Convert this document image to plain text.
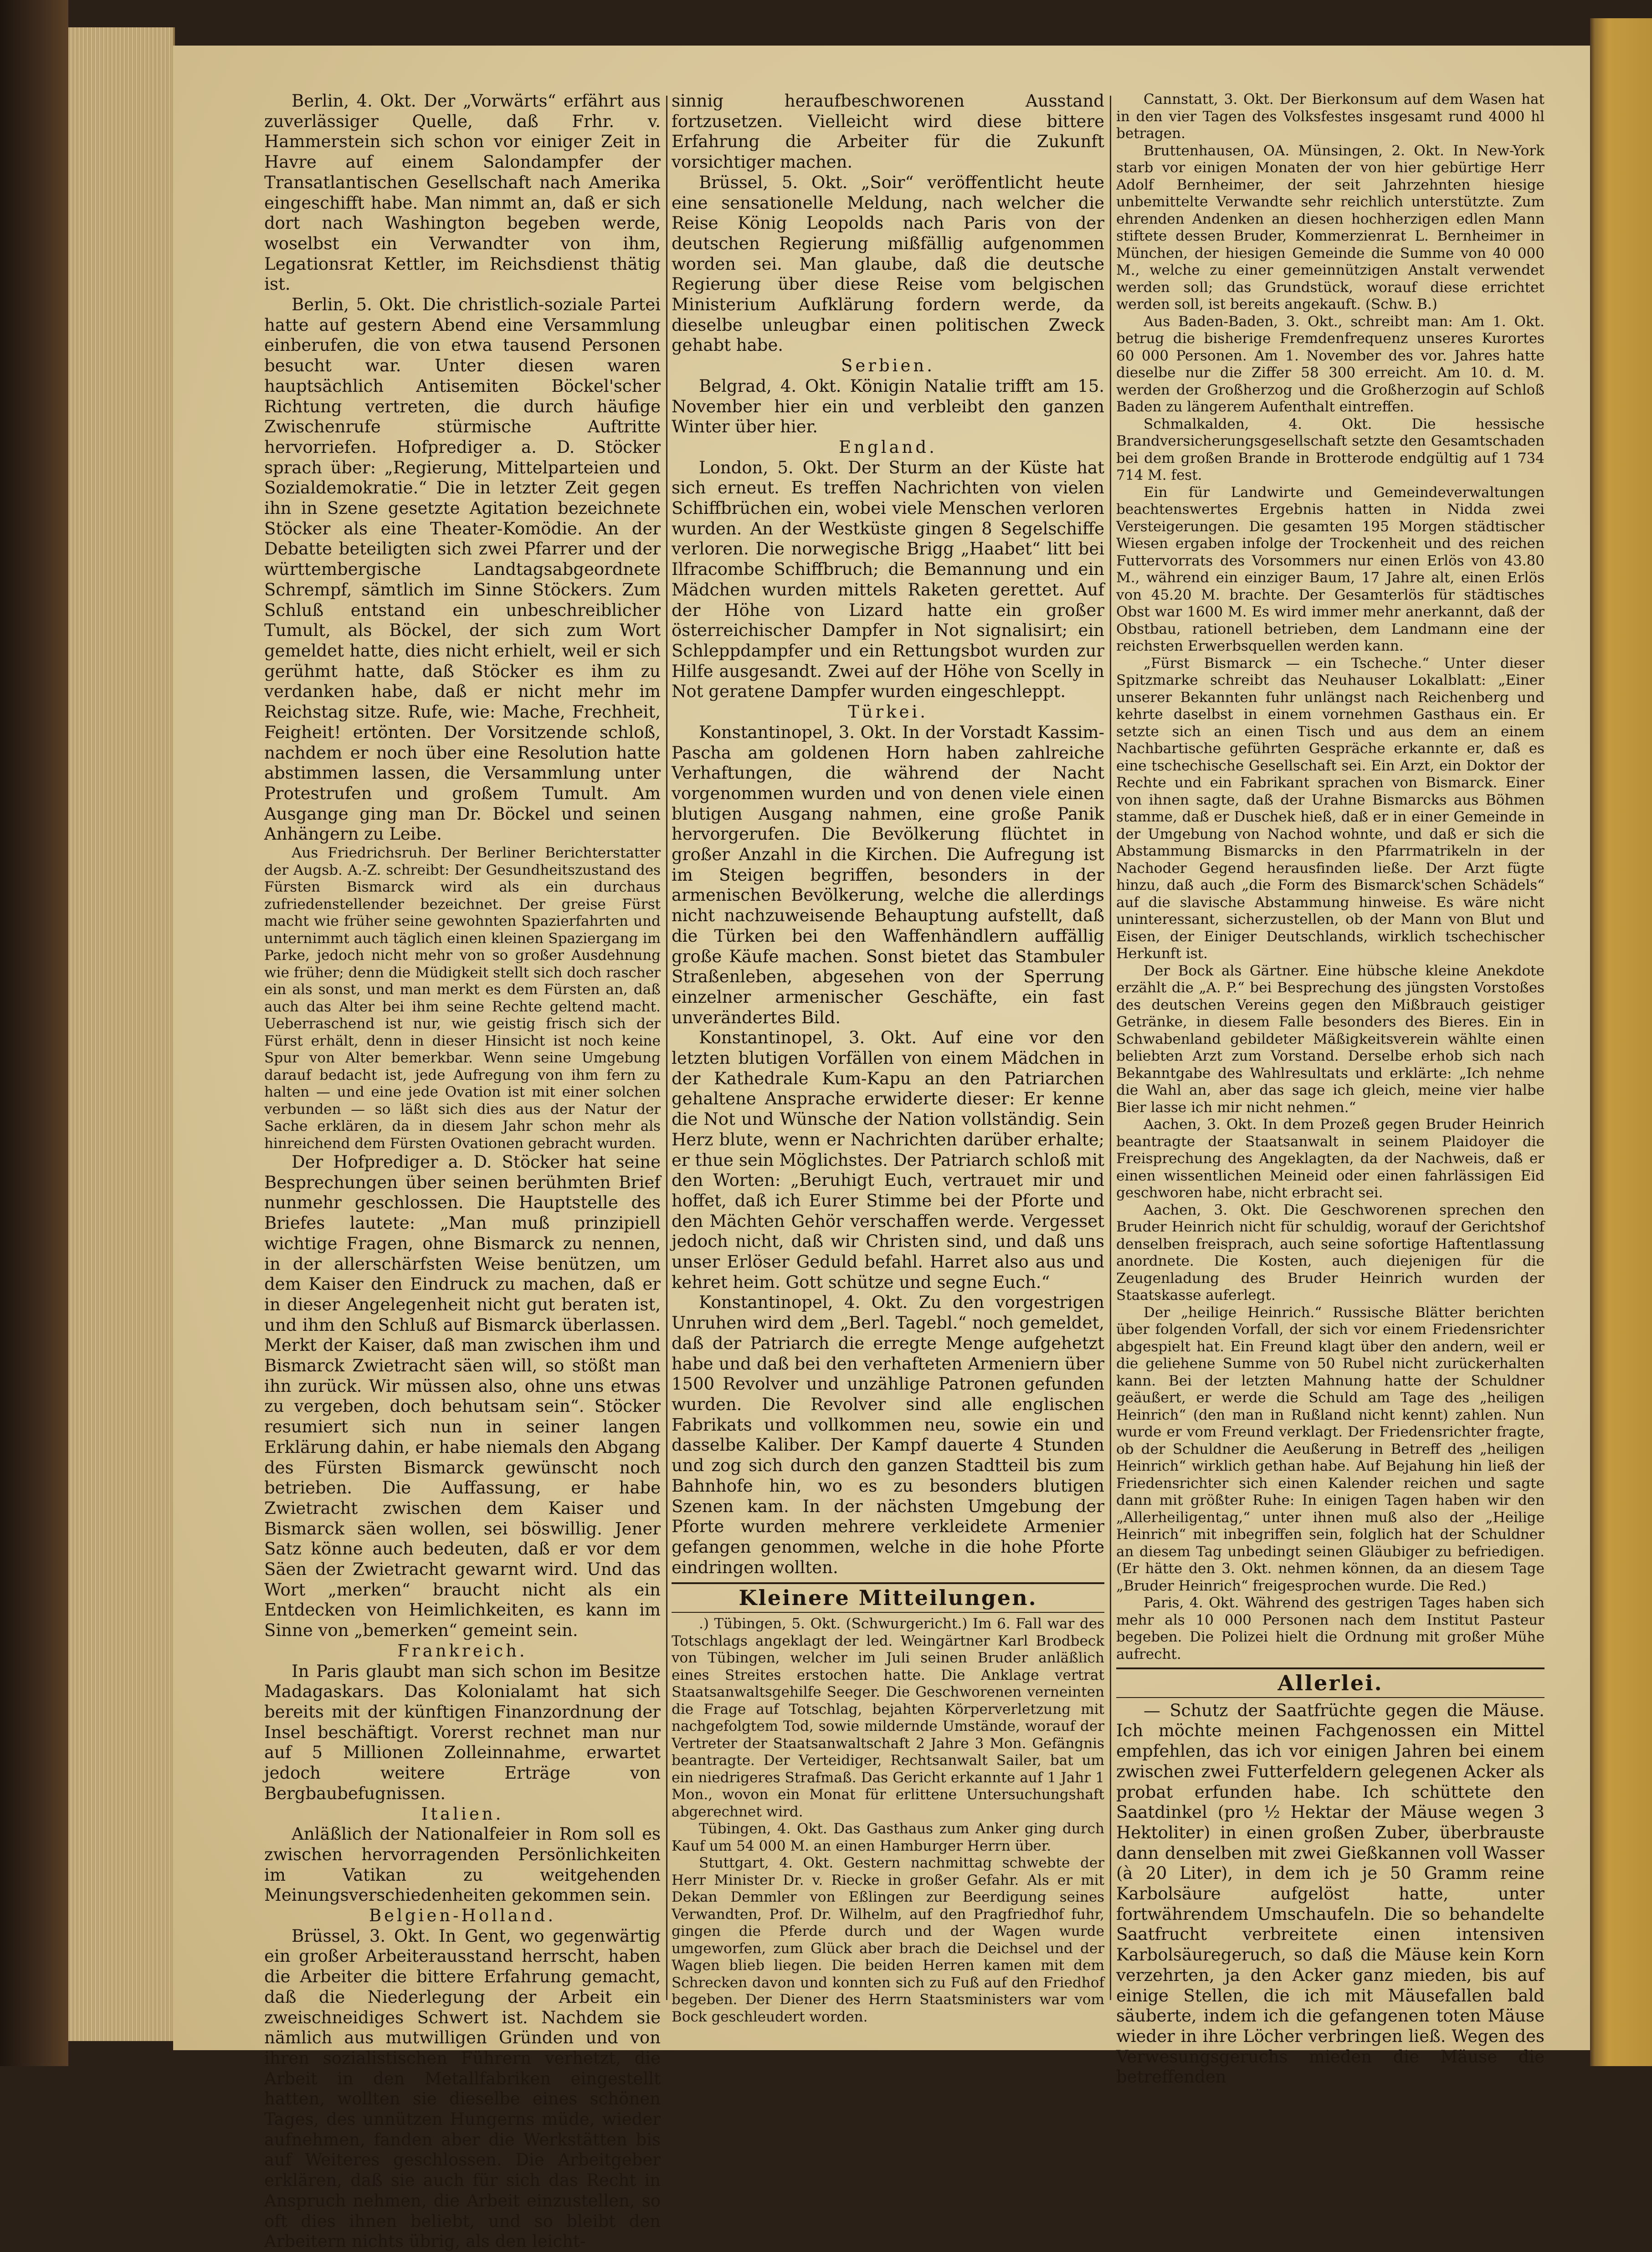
Berlin, 4. Okt. Der „Vorwärts“ erfährt aus zuverlässiger Quelle, daß Frhr. v. Hammerstein sich schon vor einiger Zeit in Havre auf einem Salondampfer der Transatlantischen Gesellschaft nach Amerika eingeschifft habe. Man nimmt an, daß er sich dort nach Washington begeben werde, woselbst ein Verwandter von ihm, Legationsrat Kettler, im Reichsdienst thätig ist.

Berlin, 5. Okt. Die christlich-soziale Partei hatte auf gestern Abend eine Versammlung einberufen, die von etwa tausend Personen besucht war. Unter diesen waren hauptsächlich Antisemiten Böckel'scher Richtung vertreten, die durch häufige Zwischenrufe stürmische Auftritte hervorriefen. Hofprediger a. D. Stöcker sprach über: „Regierung, Mittelparteien und Sozialdemokratie.“ Die in letzter Zeit gegen ihn in Szene gesetzte Agitation bezeichnete Stöcker als eine Theater-Komödie. An der Debatte beteiligten sich zwei Pfarrer und der württembergische Landtagsabgeordnete Schrempf, sämtlich im Sinne Stöckers. Zum Schluß entstand ein unbeschreiblicher Tumult, als Böckel, der sich zum Wort gemeldet hatte, dies nicht erhielt, weil er sich gerühmt hatte, daß Stöcker es ihm zu verdanken habe, daß er nicht mehr im Reichstag sitze. Rufe, wie: Mache, Frechheit, Feigheit! ertönten. Der Vorsitzende schloß, nachdem er noch über eine Resolution hatte abstimmen lassen, die Versammlung unter Protestrufen und großem Tumult. Am Ausgange ging man Dr. Böckel und seinen Anhängern zu Leibe.

Aus Friedrichsruh. Der Berliner Berichterstatter der Augsb. A.-Z. schreibt: Der Gesundheitszustand des Fürsten Bismarck wird als ein durchaus zufriedenstellender bezeichnet. Der greise Fürst macht wie früher seine gewohnten Spazierfahrten und unternimmt auch täglich einen kleinen Spaziergang im Parke, jedoch nicht mehr von so großer Ausdehnung wie früher; denn die Müdigkeit stellt sich doch rascher ein als sonst, und man merkt es dem Fürsten an, daß auch das Alter bei ihm seine Rechte geltend macht. Ueberraschend ist nur, wie geistig frisch sich der Fürst erhält, denn in dieser Hinsicht ist noch keine Spur von Alter bemerkbar. Wenn seine Umgebung darauf bedacht ist, jede Aufregung von ihm fern zu halten — und eine jede Ovation ist mit einer solchen verbunden — so läßt sich dies aus der Natur der Sache erklären, da in diesem Jahr schon mehr als hinreichend dem Fürsten Ovationen gebracht wurden.

Der Hofprediger a. D. Stöcker hat seine Besprechungen über seinen berühmten Brief nunmehr geschlossen. Die Hauptstelle des Briefes lautete: „Man muß prinzipiell wichtige Fragen, ohne Bismarck zu nennen, in der allerschärfsten Weise benützen, um dem Kaiser den Eindruck zu machen, daß er in dieser Angelegenheit nicht gut beraten ist, und ihm den Schluß auf Bismarck überlassen. Merkt der Kaiser, daß man zwischen ihm und Bismarck Zwietracht säen will, so stößt man ihn zurück. Wir müssen also, ohne uns etwas zu vergeben, doch behutsam sein“. Stöcker resumiert sich nun in seiner langen Erklärung dahin, er habe niemals den Abgang des Fürsten Bismarck gewünscht noch betrieben. Die Auffassung, er habe Zwietracht zwischen dem Kaiser und Bismarck säen wollen, sei böswillig. Jener Satz könne auch bedeuten, daß er vor dem Säen der Zwietracht gewarnt wird. Und das Wort „merken“ braucht nicht als ein Entdecken von Heimlichkeiten, es kann im Sinne von „bemerken“ gemeint sein.

Frankreich.

In Paris glaubt man sich schon im Besitze Madagaskars. Das Kolonialamt hat sich bereits mit der künftigen Finanzordnung der Insel beschäftigt. Vorerst rechnet man nur auf 5 Millionen Zolleinnahme, erwartet jedoch weitere Erträge von Bergbaubefugnissen.

Italien.

Anläßlich der Nationalfeier in Rom soll es zwischen hervorragenden Persönlichkeiten im Vatikan zu weitgehenden Meinungsverschiedenheiten gekommen sein.

Belgien-Holland.

Brüssel, 3. Okt. In Gent, wo gegenwärtig ein großer Arbeiterausstand herrscht, haben die Arbeiter die bittere Erfahrung gemacht, daß die Niederlegung der Arbeit ein zweischneidiges Schwert ist. Nachdem sie nämlich aus mutwilligen Gründen und von ihren sozialistischen Führern verhetzt, die Arbeit in den Metallfabriken eingestellt hatten, wollten sie dieselbe eines schönen Tages, des unnützen Hungerns müde, wieder aufnehmen, fanden aber die Werkstätten bis auf Weiteres geschlossen. Die Arbeitgeber erklären, daß sie auch für sich das Recht in Anspruch nehmen, die Arbeit einzustellen, so oft dies ihnen beliebt, und so bleibt den Arbeitern nichts übrig, als den leicht-

sinnig heraufbeschworenen Ausstand fortzusetzen. Vielleicht wird diese bittere Erfahrung die Arbeiter für die Zukunft vorsichtiger machen.

Brüssel, 5. Okt. „Soir“ veröffentlicht heute eine sensationelle Meldung, nach welcher die Reise König Leopolds nach Paris von der deutschen Regierung mißfällig aufgenommen worden sei. Man glaube, daß die deutsche Regierung über diese Reise vom belgischen Ministerium Aufklärung fordern werde, da dieselbe unleugbar einen politischen Zweck gehabt habe.

Serbien.

Belgrad, 4. Okt. Königin Natalie trifft am 15. November hier ein und verbleibt den ganzen Winter über hier.

England.

London, 5. Okt. Der Sturm an der Küste hat sich erneut. Es treffen Nachrichten von vielen Schiffbrüchen ein, wobei viele Menschen verloren wurden. An der Westküste gingen 8 Segelschiffe verloren. Die norwegische Brigg „Haabet“ litt bei Ilfracombe Schiffbruch; die Bemannung und ein Mädchen wurden mittels Raketen gerettet. Auf der Höhe von Lizard hatte ein großer österreichischer Dampfer in Not signalisirt; ein Schleppdampfer und ein Rettungsbot wurden zur Hilfe ausgesandt. Zwei auf der Höhe von Scelly in Not geratene Dampfer wurden eingeschleppt.

Türkei.

Konstantinopel, 3. Okt. In der Vorstadt Kassim-Pascha am goldenen Horn haben zahlreiche Verhaftungen, die während der Nacht vorgenommen wurden und von denen viele einen blutigen Ausgang nahmen, eine große Panik hervorgerufen. Die Bevölkerung flüchtet in großer Anzahl in die Kirchen. Die Aufregung ist im Steigen begriffen, besonders in der armenischen Bevölkerung, welche die allerdings nicht nachzuweisende Behauptung aufstellt, daß die Türken bei den Waffenhändlern auffällig große Käufe machen. Sonst bietet das Stambuler Straßenleben, abgesehen von der Sperrung einzelner armenischer Geschäfte, ein fast unverändertes Bild.

Konstantinopel, 3. Okt. Auf eine vor den letzten blutigen Vorfällen von einem Mädchen in der Kathedrale Kum-Kapu an den Patriarchen gehaltene Ansprache erwiderte dieser: Er kenne die Not und Wünsche der Nation vollständig. Sein Herz blute, wenn er Nachrichten darüber erhalte; er thue sein Möglichstes. Der Patriarch schloß mit den Worten: „Beruhigt Euch, vertrauet mir und hoffet, daß ich Eurer Stimme bei der Pforte und den Mächten Gehör verschaffen werde. Vergesset jedoch nicht, daß wir Christen sind, und daß uns unser Erlöser Geduld befahl. Harret also aus und kehret heim. Gott schütze und segne Euch.“

Konstantinopel, 4. Okt. Zu den vorgestrigen Unruhen wird dem „Berl. Tagebl.“ noch gemeldet, daß der Patriarch die erregte Menge aufgehetzt habe und daß bei den verhafteten Armeniern über 1500 Revolver und unzählige Patronen gefunden wurden. Die Revolver sind alle englischen Fabrikats und vollkommen neu, sowie ein und dasselbe Kaliber. Der Kampf dauerte 4 Stunden und zog sich durch den ganzen Stadtteil bis zum Bahnhofe hin, wo es zu besonders blutigen Szenen kam. In der nächsten Umgebung der Pforte wurden mehrere verkleidete Armenier gefangen genommen, welche in die hohe Pforte eindringen wollten.

Kleinere Mitteilungen.

.) Tübingen, 5. Okt. (Schwurgericht.) Im 6. Fall war des Totschlags angeklagt der led. Weingärtner Karl Brodbeck von Tübingen, welcher im Juli seinen Bruder anläßlich eines Streites erstochen hatte. Die Anklage vertrat Staatsanwaltsgehilfe Seeger. Die Geschworenen verneinten die Frage auf Totschlag, bejahten Körperverletzung mit nachgefolgtem Tod, sowie mildernde Umstände, worauf der Vertreter der Staatsanwaltschaft 2 Jahre 3 Mon. Gefängnis beantragte. Der Verteidiger, Rechtsanwalt Sailer, bat um ein niedrigeres Strafmaß. Das Gericht erkannte auf 1 Jahr 1 Mon., wovon ein Monat für erlittene Untersuchungshaft abgerechnet wird.

Tübingen, 4. Okt. Das Gasthaus zum Anker ging durch Kauf um 54 000 M. an einen Hamburger Herrn über.

Stuttgart, 4. Okt. Gestern nachmittag schwebte der Herr Minister Dr. v. Riecke in großer Gefahr. Als er mit Dekan Demmler von Eßlingen zur Beerdigung seines Verwandten, Prof. Dr. Wilhelm, auf den Pragfriedhof fuhr, gingen die Pferde durch und der Wagen wurde umgeworfen, zum Glück aber brach die Deichsel und der Wagen blieb liegen. Die beiden Herren kamen mit dem Schrecken davon und konnten sich zu Fuß auf den Friedhof begeben. Der Diener des Herrn Staatsministers war vom Bock geschleudert worden.

Cannstatt, 3. Okt. Der Bierkonsum auf dem Wasen hat in den vier Tagen des Volksfestes insgesamt rund 4000 hl betragen.

Bruttenhausen, OA. Münsingen, 2. Okt. In New-York starb vor einigen Monaten der von hier gebürtige Herr Adolf Bernheimer, der seit Jahrzehnten hiesige unbemittelte Verwandte sehr reichlich unterstützte. Zum ehrenden Andenken an diesen hochherzigen edlen Mann stiftete dessen Bruder, Kommerzienrat L. Bernheimer in München, der hiesigen Gemeinde die Summe von 40 000 M., welche zu einer gemeinnützigen Anstalt verwendet werden soll; das Grundstück, worauf diese errichtet werden soll, ist bereits angekauft. (Schw. B.)

Aus Baden-Baden, 3. Okt., schreibt man: Am 1. Okt. betrug die bisherige Fremdenfrequenz unseres Kurortes 60 000 Personen. Am 1. November des vor. Jahres hatte dieselbe nur die Ziffer 58 300 erreicht. Am 10. d. M. werden der Großherzog und die Großherzogin auf Schloß Baden zu längerem Aufenthalt eintreffen.

Schmalkalden, 4. Okt. Die hessische Brandversicherungsgesellschaft setzte den Gesamtschaden bei dem großen Brande in Brotterode endgültig auf 1 734 714 M. fest.

Ein für Landwirte und Gemeindeverwaltungen beachtenswertes Ergebnis hatten in Nidda zwei Versteigerungen. Die gesamten 195 Morgen städtischer Wiesen ergaben infolge der Trockenheit und des reichen Futtervorrats des Vorsommers nur einen Erlös von 43.80 M., während ein einziger Baum, 17 Jahre alt, einen Erlös von 45.20 M. brachte. Der Gesamterlös für städtisches Obst war 1600 M. Es wird immer mehr anerkannt, daß der Obstbau, rationell betrieben, dem Landmann eine der reichsten Erwerbsquellen werden kann.

„Fürst Bismarck — ein Tscheche.“ Unter dieser Spitzmarke schreibt das Neuhauser Lokalblatt: „Einer unserer Bekannten fuhr unlängst nach Reichenberg und kehrte daselbst in einem vornehmen Gasthaus ein. Er setzte sich an einen Tisch und aus dem an einem Nachbartische geführten Gespräche erkannte er, daß es eine tschechische Gesellschaft sei. Ein Arzt, ein Doktor der Rechte und ein Fabrikant sprachen von Bismarck. Einer von ihnen sagte, daß der Urahne Bismarcks aus Böhmen stamme, daß er Duschek hieß, daß er in einer Gemeinde in der Umgebung von Nachod wohnte, und daß er sich die Abstammung Bismarcks in den Pfarrmatrikeln in der Nachoder Gegend herausfinden ließe. Der Arzt fügte hinzu, daß auch „die Form des Bismarck'schen Schädels“ auf die slavische Abstammung hinweise. Es wäre nicht uninteressant, sicherzustellen, ob der Mann von Blut und Eisen, der Einiger Deutschlands, wirklich tschechischer Herkunft ist.

Der Bock als Gärtner. Eine hübsche kleine Anekdote erzählt die „A. P.“ bei Besprechung des jüngsten Vorstoßes des deutschen Vereins gegen den Mißbrauch geistiger Getränke, in diesem Falle besonders des Bieres. Ein in Schwabenland gebildeter Mäßigkeitsverein wählte einen beliebten Arzt zum Vorstand. Derselbe erhob sich nach Bekanntgabe des Wahlresultats und erklärte: „Ich nehme die Wahl an, aber das sage ich gleich, meine vier halbe Bier lasse ich mir nicht nehmen.“

Aachen, 3. Okt. In dem Prozeß gegen Bruder Heinrich beantragte der Staatsanwalt in seinem Plaidoyer die Freisprechung des Angeklagten, da der Nachweis, daß er einen wissentlichen Meineid oder einen fahrlässigen Eid geschworen habe, nicht erbracht sei.

Aachen, 3. Okt. Die Geschworenen sprechen den Bruder Heinrich nicht für schuldig, worauf der Gerichtshof denselben freisprach, auch seine sofortige Haftentlassung anordnete. Die Kosten, auch diejenigen für die Zeugenladung des Bruder Heinrich wurden der Staatskasse auferlegt.

Der „heilige Heinrich.“ Russische Blätter berichten über folgenden Vorfall, der sich vor einem Friedensrichter abgespielt hat. Ein Freund klagt über den andern, weil er die geliehene Summe von 50 Rubel nicht zurückerhalten kann. Bei der letzten Mahnung hatte der Schuldner geäußert, er werde die Schuld am Tage des „heiligen Heinrich“ (den man in Rußland nicht kennt) zahlen. Nun wurde er vom Freund verklagt. Der Friedensrichter fragte, ob der Schuldner die Aeußerung in Betreff des „heiligen Heinrich“ wirklich gethan habe. Auf Bejahung hin ließ der Friedensrichter sich einen Kalender reichen und sagte dann mit größter Ruhe: In einigen Tagen haben wir den „Allerheiligentag,“ unter ihnen muß also der „Heilige Heinrich“ mit inbegriffen sein, folglich hat der Schuldner an diesem Tag unbedingt seinen Gläubiger zu befriedigen. (Er hätte den 3. Okt. nehmen können, da an diesem Tage „Bruder Heinrich“ freigesprochen wurde. Die Red.)

Paris, 4. Okt. Während des gestrigen Tages haben sich mehr als 10 000 Personen nach dem Institut Pasteur begeben. Die Polizei hielt die Ordnung mit großer Mühe aufrecht.

Allerlei.

— Schutz der Saatfrüchte gegen die Mäuse. Ich möchte meinen Fachgenossen ein Mittel empfehlen, das ich vor einigen Jahren bei einem zwischen zwei Futterfeldern gelegenen Acker als probat erfunden habe. Ich schüttete den Saatdinkel (pro ½ Hektar der Mäuse wegen 3 Hektoliter) in einen großen Zuber, überbrauste dann denselben mit zwei Gießkannen voll Wasser (à 20 Liter), in dem ich je 50 Gramm reine Karbolsäure aufgelöst hatte, unter fortwährendem Umschaufeln. Die so behandelte Saatfrucht verbreitete einen intensiven Karbolsäuregeruch, so daß die Mäuse kein Korn verzehrten, ja den Acker ganz mieden, bis auf einige Stellen, die ich mit Mäusefallen bald säuberte, indem ich die gefangenen toten Mäuse wieder in ihre Löcher verbringen ließ. Wegen des Verwesungsgeruchs mieden die Mäuse die betreffenden
